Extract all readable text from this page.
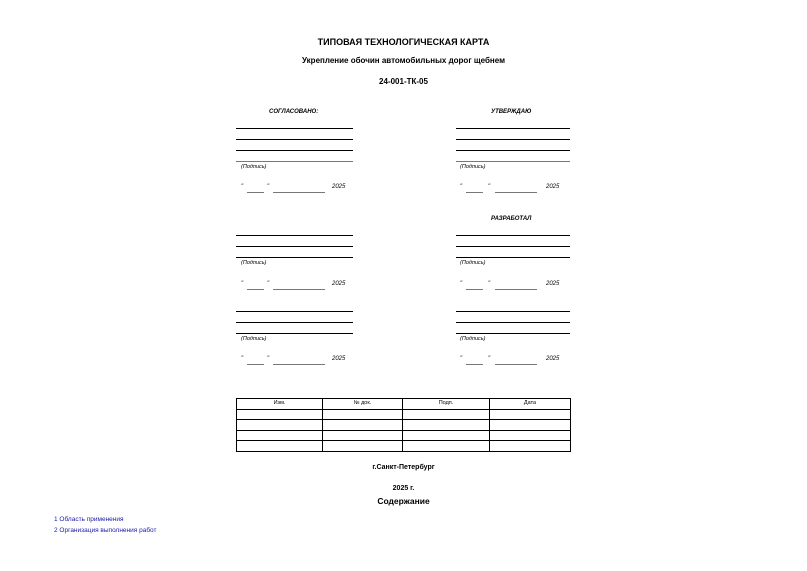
ТИПОВАЯ ТЕХНОЛОГИЧЕСКАЯ КАРТА
Укрепление обочин автомобильных дорог щебнем
24-001-ТК-05
СОГЛАСОВАНО:
(Подпись)
"	"	2025
УТВЕРЖДАЮ
(Подпись)
"	"	2025
РАЗРАБОТАЛ
(Подпись)
"	"	2025
(Подпись)
"	"	2025
(Подпись)
"	"	2025
(Подпись)
"	"	2025
Изм.	№ док.	Подп.	Дата

г.Санкт-Петербург
2025 г.
Содержание
1 Область применения
2 Организация выполнения работ
